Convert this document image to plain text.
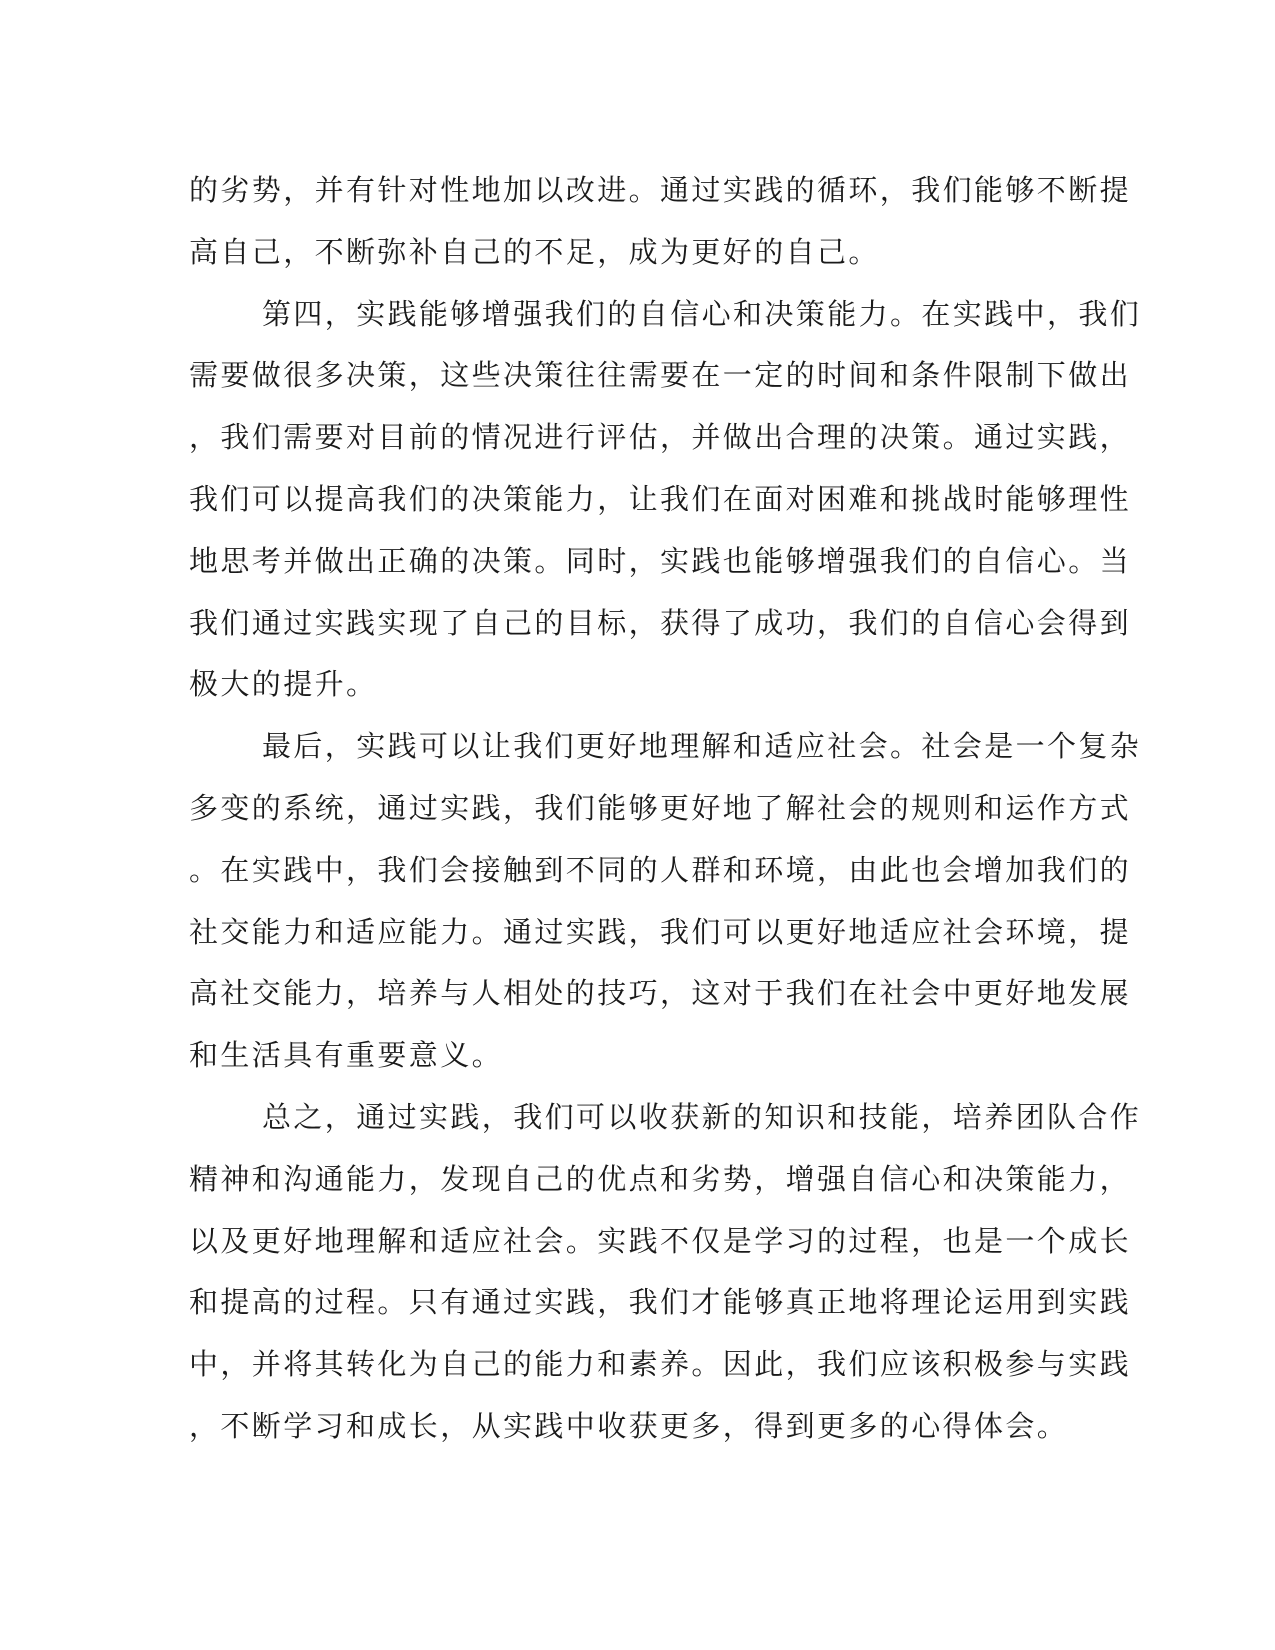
的劣势，并有针对性地加以改进。通过实践的循环，我们能够不断提
高自己，不断弥补自己的不足，成为更好的自己。
第四，实践能够增强我们的自信心和决策能力。在实践中，我们
需要做很多决策，这些决策往往需要在一定的时间和条件限制下做出
，我们需要对目前的情况进行评估，并做出合理的决策。通过实践，
我们可以提高我们的决策能力，让我们在面对困难和挑战时能够理性
地思考并做出正确的决策。同时，实践也能够增强我们的自信心。当
我们通过实践实现了自己的目标，获得了成功，我们的自信心会得到
极大的提升。
最后，实践可以让我们更好地理解和适应社会。社会是一个复杂
多变的系统，通过实践，我们能够更好地了解社会的规则和运作方式
。在实践中，我们会接触到不同的人群和环境，由此也会增加我们的
社交能力和适应能力。通过实践，我们可以更好地适应社会环境，提
高社交能力，培养与人相处的技巧，这对于我们在社会中更好地发展
和生活具有重要意义。
总之，通过实践，我们可以收获新的知识和技能，培养团队合作
精神和沟通能力，发现自己的优点和劣势，增强自信心和决策能力，
以及更好地理解和适应社会。实践不仅是学习的过程，也是一个成长
和提高的过程。只有通过实践，我们才能够真正地将理论运用到实践
中，并将其转化为自己的能力和素养。因此，我们应该积极参与实践
，不断学习和成长，从实践中收获更多，得到更多的心得体会。
